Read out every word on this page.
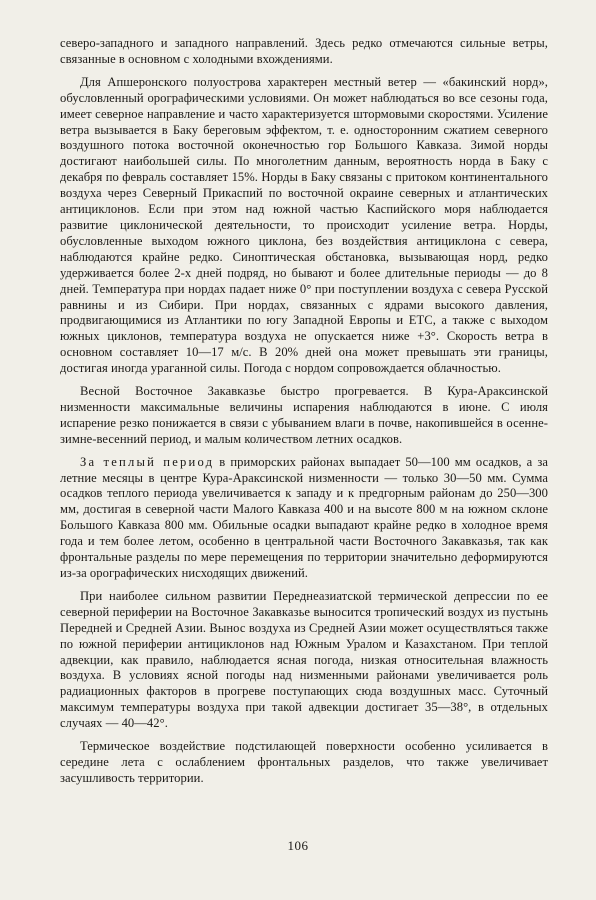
северо-западного и западного направлений. Здесь редко отмечаются сильные ветры, связанные в основном с холодными вхождениями.

Для Апшеронского полуострова характерен местный ветер — «бакинский норд», обусловленный орографическими условиями. Он может наблюдаться во все сезоны года, имеет северное направление и часто характеризуется штормовыми скоростями. Усиление ветра вызывается в Баку береговым эффектом, т. е. односторонним сжатием северного воздушного потока восточной оконечностью гор Большого Кавказа. Зимой норды достигают наибольшей силы. По многолетним данным, вероятность норда в Баку с декабря по февраль составляет 15%. Норды в Баку связаны с притоком континентального воздуха через Северный Прикаспий по восточной окраине северных и атлантических антициклонов. Если при этом над южной частью Каспийского моря наблюдается развитие циклонической деятельности, то происходит усиление ветра. Норды, обусловленные выходом южного циклона, без воздействия антициклона с севера, наблюдаются крайне редко. Синоптическая обстановка, вызывающая норд, редко удерживается более 2-х дней подряд, но бывают и более длительные периоды — до 8 дней. Температура при нордах падает ниже 0° при поступлении воздуха с севера Русской равнины и из Сибири. При нордах, связанных с ядрами высокого давления, продвигающимися из Атлантики по югу Западной Европы и ЕТС, а также с выходом южных циклонов, температура воздуха не опускается ниже +3°. Скорость ветра в основном составляет 10—17 м/с. В 20% дней она может превышать эти границы, достигая иногда ураганной силы. Погода с нордом сопровождается облачностью.

Весной Восточное Закавказье быстро прогревается. В Кура-Араксинской низменности максимальные величины испарения наблюдаются в июне. С июля испарение резко понижается в связи с убыванием влаги в почве, накопившейся в осенне-зимне-весенний период, и малым количеством летних осадков.

За теплый период в приморских районах выпадает 50—100 мм осадков, а за летние месяцы в центре Кура-Араксинской низменности — только 30—50 мм. Сумма осадков теплого периода увеличивается к западу и к предгорным районам до 250—300 мм, достигая в северной части Малого Кавказа 400 и на высоте 800 м на южном склоне Большого Кавказа 800 мм. Обильные осадки выпадают крайне редко в холодное время года и тем более летом, особенно в центральной части Восточного Закавказья, так как фронтальные разделы по мере перемещения по территории значительно деформируются из-за орографических нисходящих движений.

При наиболее сильном развитии Переднеазиатской термической депрессии по ее северной периферии на Восточное Закавказье выносится тропический воздух из пустынь Передней и Средней Азии. Вынос воздуха из Средней Азии может осуществляться также по южной периферии антициклонов над Южным Уралом и Казахстаном. При теплой адвекции, как правило, наблюдается ясная погода, низкая относительная влажность воздуха. В условиях ясной погоды над низменными районами увеличивается роль радиационных факторов в прогреве поступающих сюда воздушных масс. Суточный максимум температуры воздуха при такой адвекции достигает 35—38°, в отдельных случаях — 40—42°.

Термическое воздействие подстилающей поверхности особенно усиливается в середине лета с ослаблением фронтальных разделов, что также увеличивает засушливость территории.

106
